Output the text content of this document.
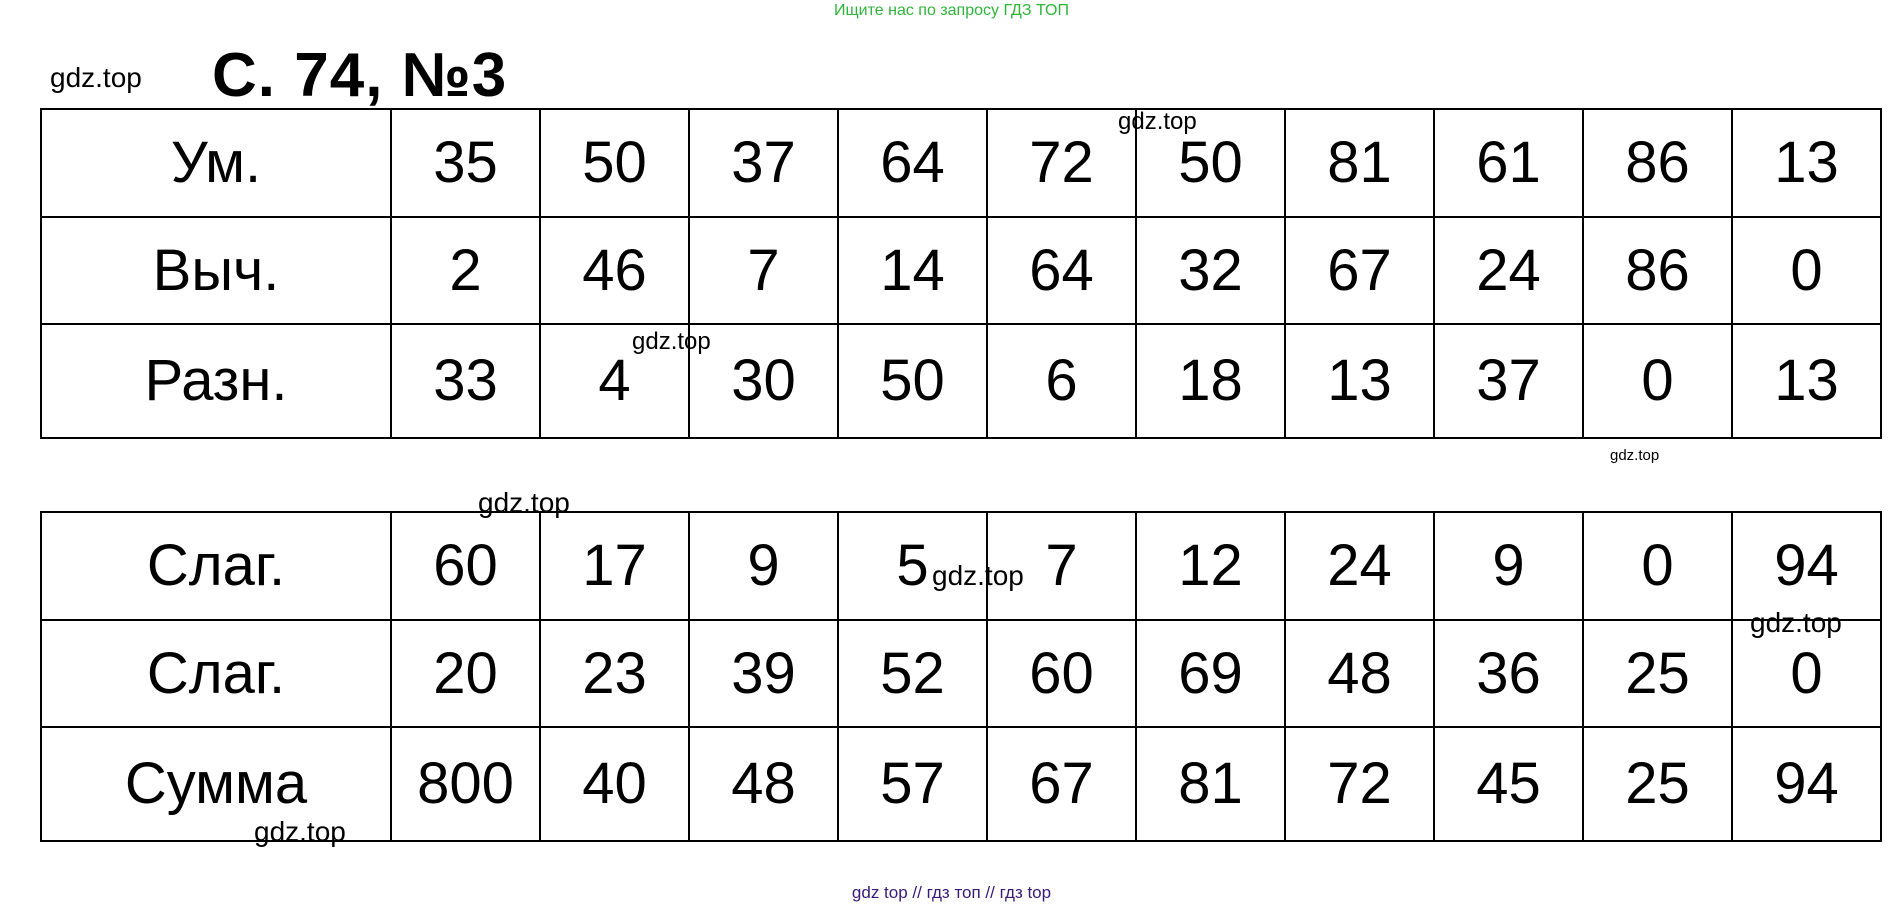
Ищите нас по запросу ГДЗ ТОП
gdz.top С. 74, №3
Ум.	35	50	37	64	72	50	81	61	86	13
Выч.	2	46	7	14	64	32	67	24	86	0
Разн.	33	4	30	50	6	18	13	37	0	13
Слаг.	60	17	9	5	7	12	24	9	0	94
Слаг.	20	23	39	52	60	69	48	36	25	0
Сумма	800	40	48	57	67	81	72	45	25	94
gdz.top
gdz.top
gdz.top
gdz.top
gdz.top
gdz.top
gdz.top
gdz top // гдз топ // гдз top
